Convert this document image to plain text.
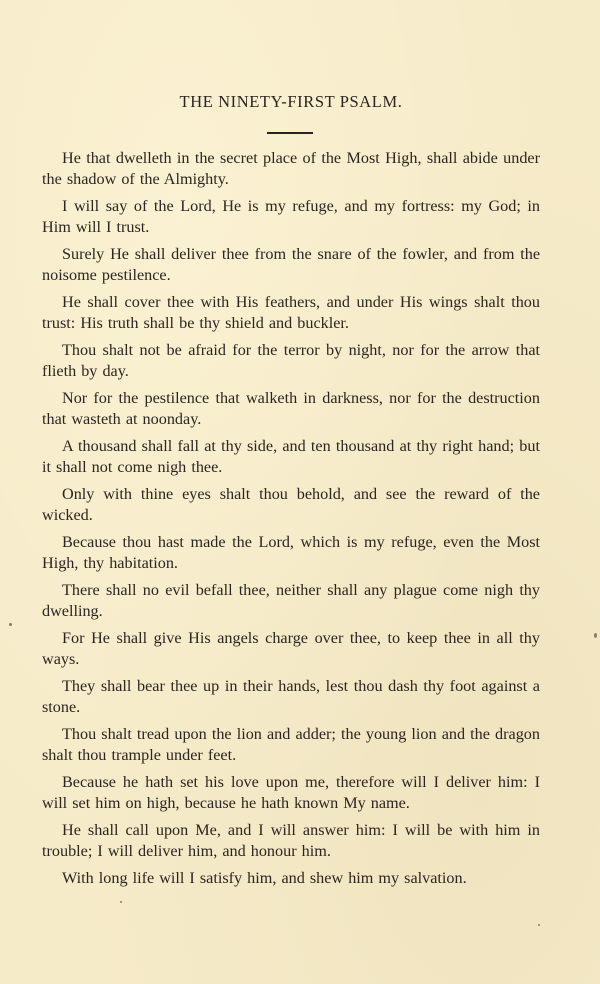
THE NINETY-FIRST PSALM.

He that dwelleth in the secret place of the Most High, shall abide under the shadow of the Almighty.

I will say of the Lord, He is my refuge, and my fortress: my God; in Him will I trust.

Surely He shall deliver thee from the snare of the fowler, and from the noisome pestilence.

He shall cover thee with His feathers, and under His wings shalt thou trust: His truth shall be thy shield and buckler.

Thou shalt not be afraid for the terror by night, nor for the arrow that flieth by day.

Nor for the pestilence that walketh in darkness, nor for the destruction that wasteth at noonday.

A thousand shall fall at thy side, and ten thousand at thy right hand; but it shall not come nigh thee.

Only with thine eyes shalt thou behold, and see the reward of the wicked.

Because thou hast made the Lord, which is my refuge, even the Most High, thy habitation.

There shall no evil befall thee, neither shall any plague come nigh thy dwelling.

For He shall give His angels charge over thee, to keep thee in all thy ways.

They shall bear thee up in their hands, lest thou dash thy foot against a stone.

Thou shalt tread upon the lion and adder; the young lion and the dragon shalt thou trample under feet.

Because he hath set his love upon me, therefore will I deliver him: I will set him on high, because he hath known My name.

He shall call upon Me, and I will answer him: I will be with him in trouble; I will deliver him, and honour him.

With long life will I satisfy him, and shew him my salvation.
